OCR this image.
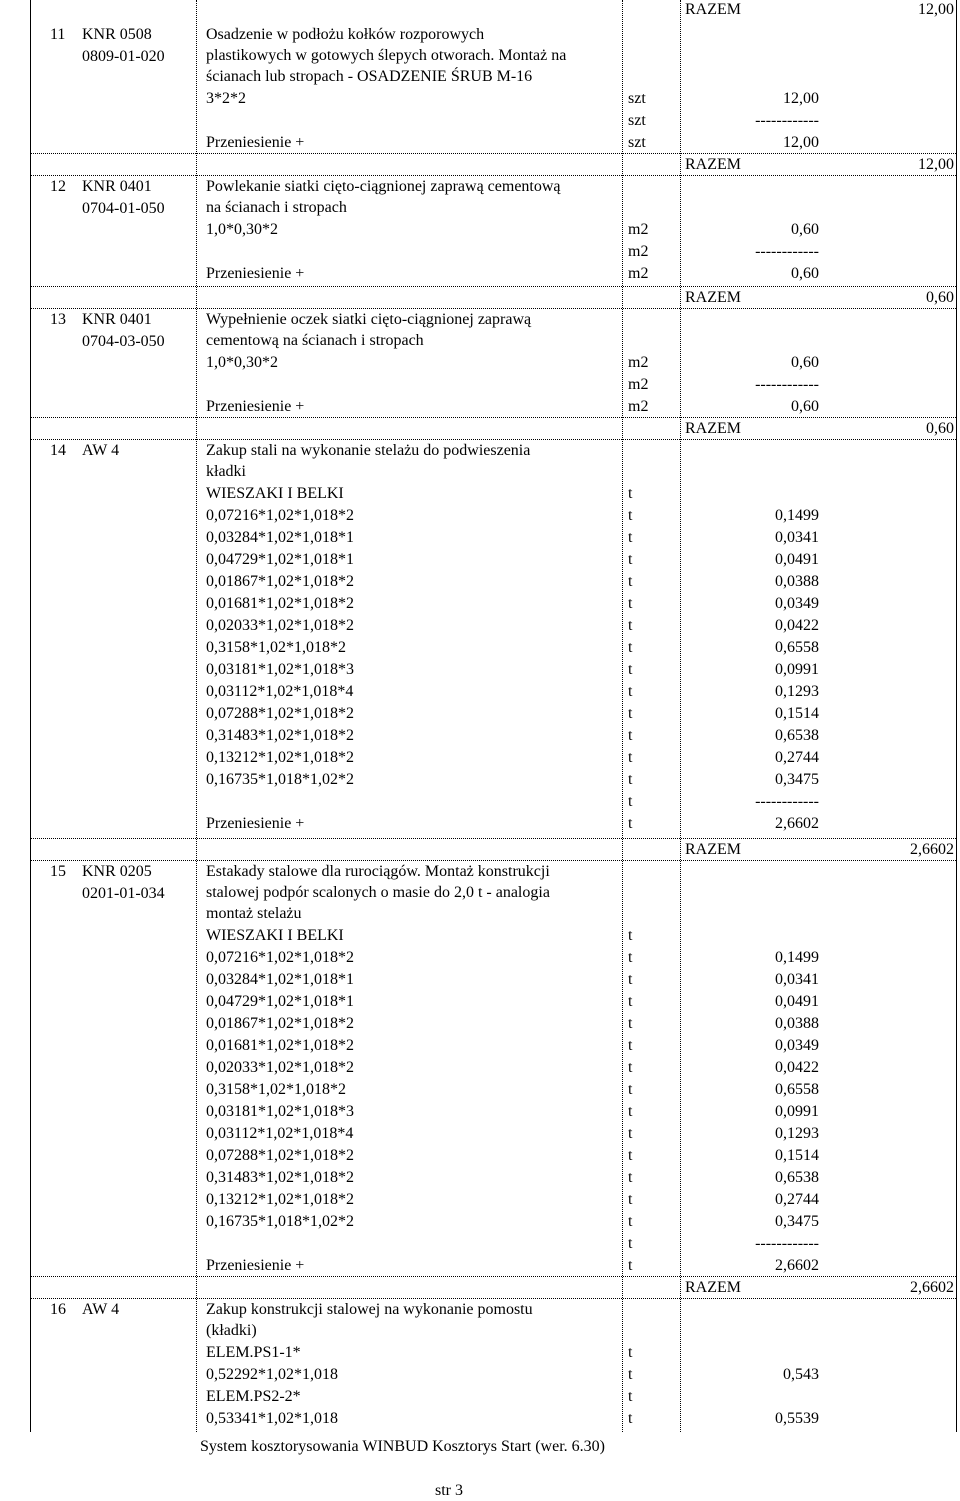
RAZEM	12,00
11 KNR 0508
0809-01-020
Osadzenie w podłożu kołków rozporowych
plastikowych w gotowych ślepych otworach. Montaż na
ścianach lub stropach - OSADZENIE ŚRUB M-16
3*2*2	szt	12,00
szt	------------
Przeniesienie +	szt	12,00
RAZEM	12,00
12 KNR 0401
0704-01-050
Powlekanie siatki cięto-ciągnionej zaprawą cementową
na ścianach i stropach
1,0*0,30*2	m2	0,60
m2	------------
Przeniesienie +	m2	0,60
RAZEM	0,60
13 KNR 0401
0704-03-050
Wypełnienie oczek siatki cięto-ciągnionej zaprawą
cementową na ścianach i stropach
1,0*0,30*2	m2	0,60
m2	------------
Przeniesienie +	m2	0,60
RAZEM	0,60
14 AW 4	Zakup stali na wykonanie stelażu do podwieszenia
kładki
WIESZAKI I BELKI	t
0,07216*1,02*1,018*2	t	0,1499
0,03284*1,02*1,018*1	t	0,0341
0,04729*1,02*1,018*1	t	0,0491
0,01867*1,02*1,018*2	t	0,0388
0,01681*1,02*1,018*2	t	0,0349
0,02033*1,02*1,018*2	t	0,0422
0,3158*1,02*1,018*2	t	0,6558
0,03181*1,02*1,018*3	t	0,0991
0,03112*1,02*1,018*4	t	0,1293
0,07288*1,02*1,018*2	t	0,1514
0,31483*1,02*1,018*2	t	0,6538
0,13212*1,02*1,018*2	t	0,2744
0,16735*1,018*1,02*2	t	0,3475
t	------------
Przeniesienie +	t	2,6602
RAZEM	2,6602
15 KNR 0205
0201-01-034
Estakady stalowe dla rurociągów. Montaż konstrukcji
stalowej podpór scalonych o masie do 2,0 t - analogia
montaż stelażu
WIESZAKI I BELKI	t
0,07216*1,02*1,018*2	t	0,1499
0,03284*1,02*1,018*1	t	0,0341
0,04729*1,02*1,018*1	t	0,0491
0,01867*1,02*1,018*2	t	0,0388
0,01681*1,02*1,018*2	t	0,0349
0,02033*1,02*1,018*2	t	0,0422
0,3158*1,02*1,018*2	t	0,6558
0,03181*1,02*1,018*3	t	0,0991
0,03112*1,02*1,018*4	t	0,1293
0,07288*1,02*1,018*2	t	0,1514
0,31483*1,02*1,018*2	t	0,6538
0,13212*1,02*1,018*2	t	0,2744
0,16735*1,018*1,02*2	t	0,3475
t	------------
Przeniesienie +	t	2,6602
RAZEM	2,6602
16 AW 4	Zakup konstrukcji stalowej na wykonanie pomostu
(kładki)
ELEM.PS1-1*	t
0,52292*1,02*1,018	t	0,543
ELEM.PS2-2*	t
0,53341*1,02*1,018	t	0,5539
System kosztorysowania WINBUD Kosztorys Start (wer. 6.30)
str 3
